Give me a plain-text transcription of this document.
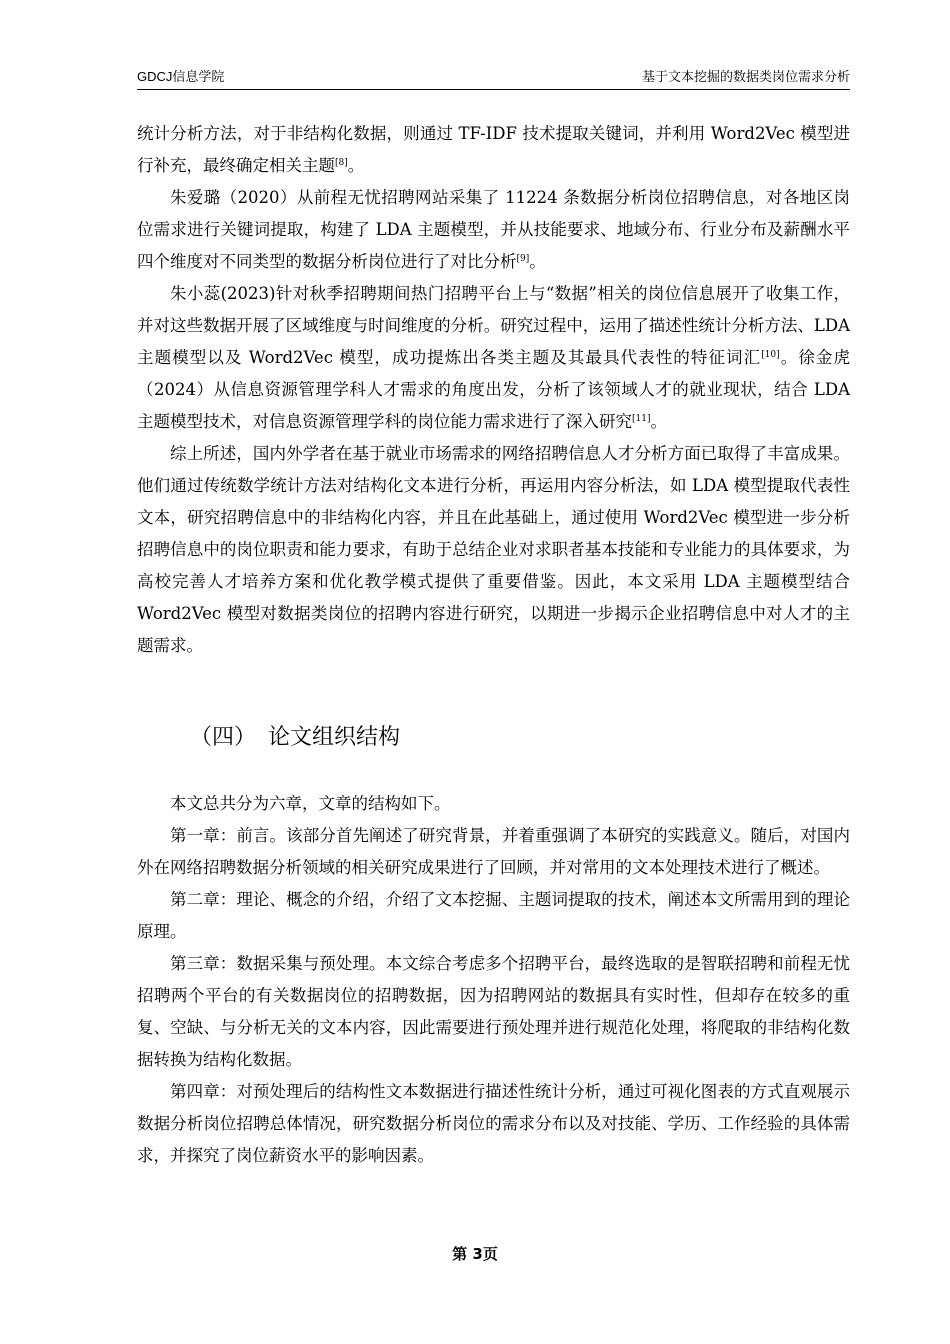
GDCJ信息学院	基于文本挖掘的数据类岗位需求分析

统计分析方法，对于非结构化数据，则通过 TF-IDF 技术提取关键词，并利用 Word2Vec 模型进行补充，最终确定相关主题[8]。

朱爱璐（2020）从前程无忧招聘网站采集了 11224 条数据分析岗位招聘信息，对各地区岗位需求进行关键词提取，构建了 LDA 主题模型，并从技能要求、地域分布、行业分布及薪酬水平四个维度对不同类型的数据分析岗位进行了对比分析[9]。

朱小蕊(2023)针对秋季招聘期间热门招聘平台上与“数据”相关的岗位信息展开了收集工作，并对这些数据开展了区域维度与时间维度的分析。研究过程中，运用了描述性统计分析方法、LDA 主题模型以及 Word2Vec 模型，成功提炼出各类主题及其最具代表性的特征词汇[10]。徐金虎（2024）从信息资源管理学科人才需求的角度出发，分析了该领域人才的就业现状，结合 LDA 主题模型技术，对信息资源管理学科的岗位能力需求进行了深入研究[11]。

综上所述，国内外学者在基于就业市场需求的网络招聘信息人才分析方面已取得了丰富成果。他们通过传统数学统计方法对结构化文本进行分析，再运用内容分析法，如 LDA 模型提取代表性文本，研究招聘信息中的非结构化内容，并且在此基础上，通过使用 Word2Vec 模型进一步分析招聘信息中的岗位职责和能力要求，有助于总结企业对求职者基本技能和专业能力的具体要求，为高校完善人才培养方案和优化教学模式提供了重要借鉴。因此，本文采用 LDA 主题模型结合 Word2Vec 模型对数据类岗位的招聘内容进行研究，以期进一步揭示企业招聘信息中对人才的主题需求。

（四） 论文组织结构

本文总共分为六章，文章的结构如下。

第一章：前言。该部分首先阐述了研究背景，并着重强调了本研究的实践意义。随后，对国内外在网络招聘数据分析领域的相关研究成果进行了回顾，并对常用的文本处理技术进行了概述。

第二章：理论、概念的介绍，介绍了文本挖掘、主题词提取的技术，阐述本文所需用到的理论原理。

第三章：数据采集与预处理。本文综合考虑多个招聘平台，最终选取的是智联招聘和前程无忧招聘两个平台的有关数据岗位的招聘数据，因为招聘网站的数据具有实时性，但却存在较多的重复、空缺、与分析无关的文本内容，因此需要进行预处理并进行规范化处理，将爬取的非结构化数据转换为结构化数据。

第四章：对预处理后的结构性文本数据进行描述性统计分析，通过可视化图表的方式直观展示数据分析岗位招聘总体情况，研究数据分析岗位的需求分布以及对技能、学历、工作经验的具体需求，并探究了岗位薪资水平的影响因素。

第 3页
